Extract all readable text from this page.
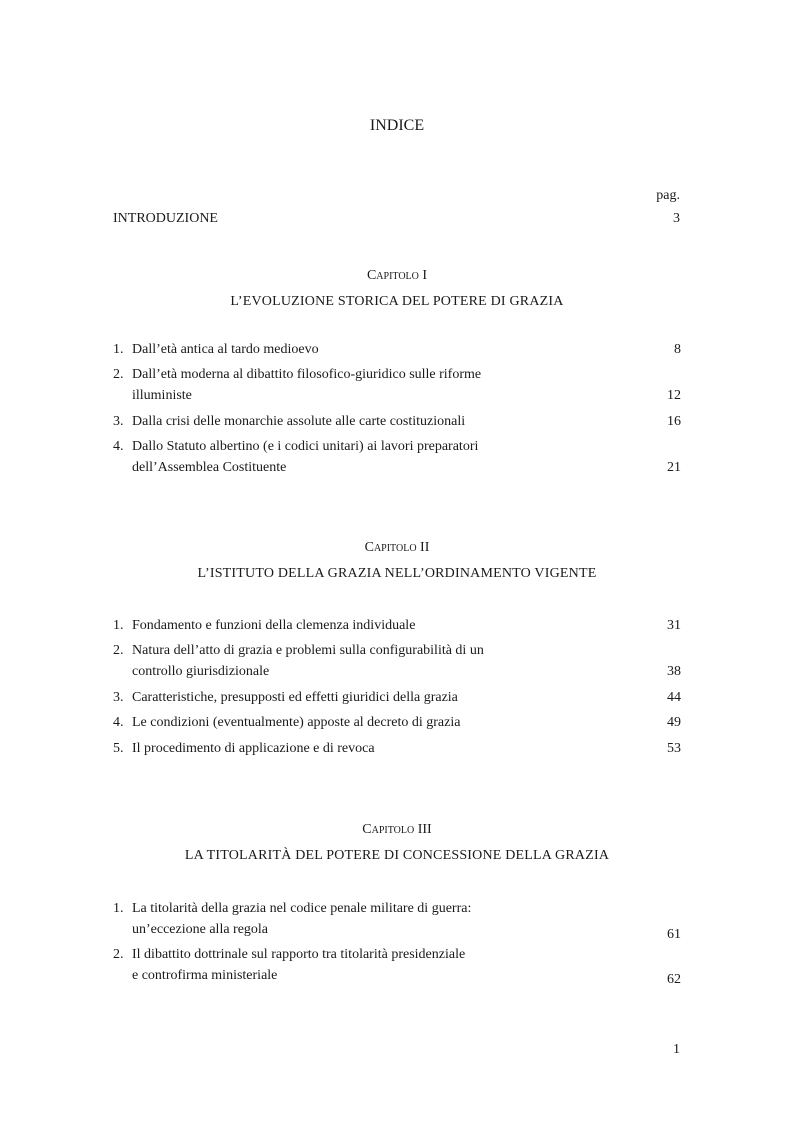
INDICE
pag.
INTRODUZIONE	3
Capitolo I
L’EVOLUZIONE STORICA DEL POTERE DI GRAZIA
1. Dall’età antica al tardo medioevo	8
2. Dall’età moderna al dibattito filosofico-giuridico sulle riforme
illuministe	12
3. Dalla crisi delle monarchie assolute alle carte costituzionali	16
4. Dallo Statuto albertino (e i codici unitari) ai lavori preparatori
dell’Assemblea Costituente	21
Capitolo II
L’ISTITUTO DELLA GRAZIA NELL’ORDINAMENTO VIGENTE
1. Fondamento e funzioni della clemenza individuale	31
2. Natura dell’atto di grazia e problemi sulla configurabilità di un
controllo giurisdizionale	38
3. Caratteristiche, presupposti ed effetti giuridici della grazia	44
4. Le condizioni (eventualmente) apposte al decreto di grazia	49
5. Il procedimento di applicazione e di revoca	53
Capitolo III
LA TITOLARITÀ DEL POTERE DI CONCESSIONE DELLA GRAZIA
1. La titolarità della grazia nel codice penale militare di guerra:
un’eccezione alla regola	61
2. Il dibattito dottrinale sul rapporto tra titolarità presidenziale
e controfirma ministeriale	62
1
